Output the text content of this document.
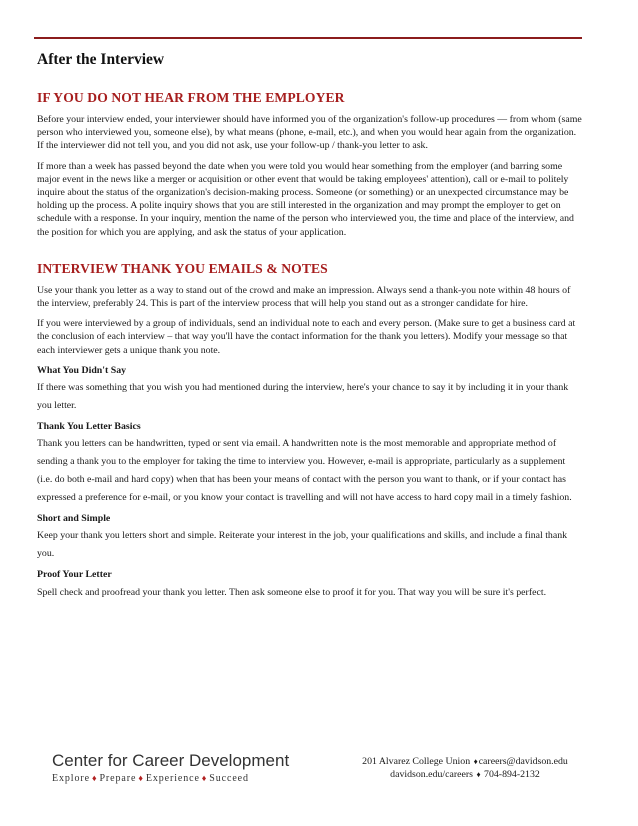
After the Interview
IF YOU DO NOT HEAR FROM THE EMPLOYER

Before your interview ended, your interviewer should have informed you of the organization's follow-up procedures — from whom (same person who interviewed you, someone else), by what means (phone, e-mail, etc.), and when you would hear again from the organization. If the interviewer did not tell you, and you did not ask, use your follow-up / thank-you letter to ask.

If more than a week has passed beyond the date when you were told you would hear something from the employer (and barring some major event in the news like a merger or acquisition or other event that would be taking employees' attention), call or e-mail to politely inquire about the status of the organization's decision-making process. Someone (or something) or an unexpected circumstance may be holding up the process. A polite inquiry shows that you are still interested in the organization and may prompt the employer to get on schedule with a response. In your inquiry, mention the name of the person who interviewed you, the time and place of the interview, and the position for which you are applying, and ask the status of your application.

INTERVIEW THANK YOU EMAILS & NOTES

Use your thank you letter as a way to stand out of the crowd and make an impression. Always send a thank-you note within 48 hours of the interview, preferably 24. This is part of the interview process that will help you stand out as a stronger candidate for hire.

If you were interviewed by a group of individuals, send an individual note to each and every person. (Make sure to get a business card at the conclusion of each interview – that way you'll have the contact information for the thank you letters). Modify your message so that each interviewer gets a unique thank you note.

What You Didn't Say
If there was something that you wish you had mentioned during the interview, here's your chance to say it by including it in your thank you letter.
Thank You Letter Basics
Thank you letters can be handwritten, typed or sent via email. A handwritten note is the most memorable and appropriate method of sending a thank you to the employer for taking the time to interview you. However, e-mail is appropriate, particularly as a supplement (i.e. do both e-mail and hard copy) when that has been your means of contact with the person you want to thank, or if your contact has expressed a preference for e-mail, or you know your contact is travelling and will not have access to hard copy mail in a timely fashion.
Short and Simple
Keep your thank you letters short and simple. Reiterate your interest in the job, your qualifications and skills, and include a final thank you.
Proof Your Letter
Spell check and proofread your thank you letter. Then ask someone else to proof it for you. That way you will be sure it's perfect.
Center for Career Development
Explore ♦ Prepare ♦ Experience ♦ Succeed
201 Alvarez College Union ♦careers@davidson.edu
davidson.edu/careers ♦ 704-894-2132
